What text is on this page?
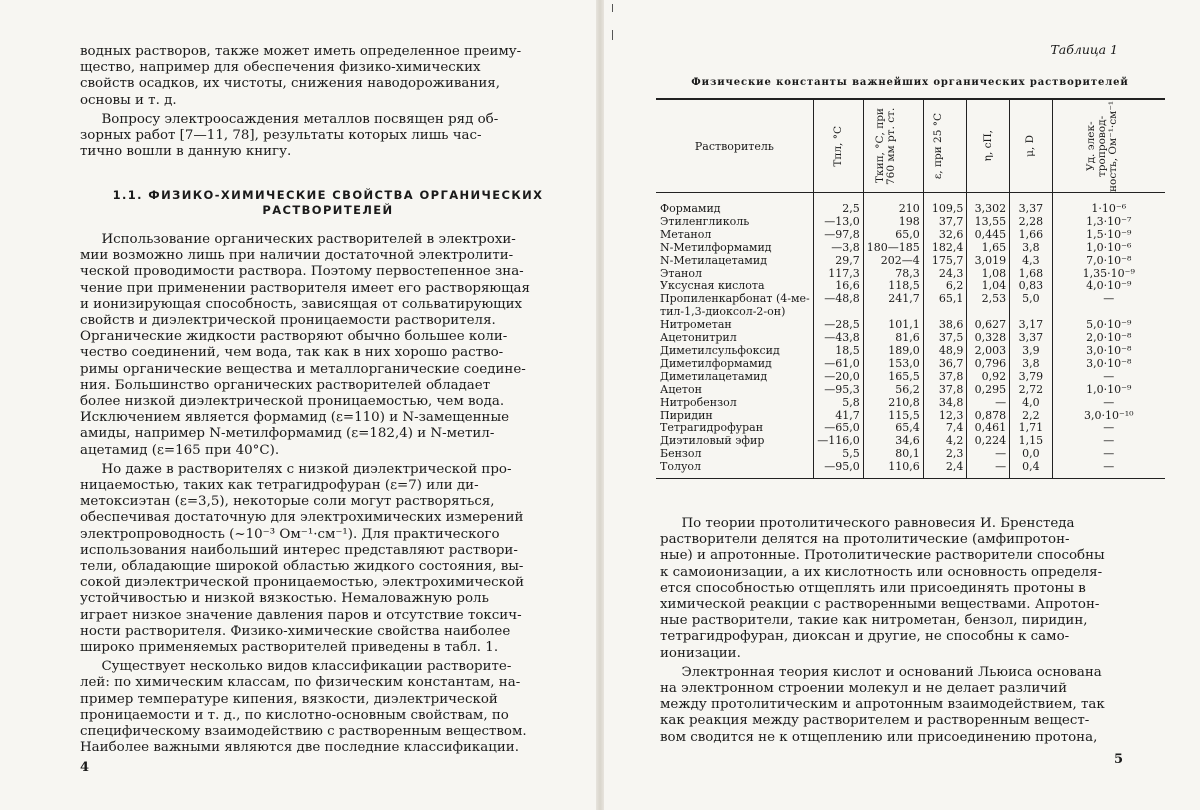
водных растворов, также может иметь определенное преиму-
щество, например для обеспечения физико-химических
свойств осадков, их чистоты, снижения наводороживания,
основы и т. д.

Вопросу электроосаждения металлов посвящен ряд об-
зорных работ [7—11, 78], результаты которых лишь час-
тично вошли в данную книгу.

1.1. ФИЗИКО-ХИМИЧЕСКИЕ СВОЙСТВА ОРГАНИЧЕСКИХ
РАСТВОРИТЕЛЕЙ

Использование органических растворителей в электрохи-
мии возможно лишь при наличии достаточной электролити-
ческой проводимости раствора. Поэтому первостепенное зна-
чение при применении растворителя имеет его растворяющая
и ионизирующая способность, зависящая от сольватирующих
свойств и диэлектрической проницаемости растворителя.
Органические жидкости растворяют обычно большее коли-
чество соединений, чем вода, так как в них хорошо раство-
римы органические вещества и металлорганические соедине-
ния. Большинство органических растворителей обладает
более низкой диэлектрической проницаемостью, чем вода.
Исключением является формамид (ε=110) и N-замещенные
амиды, например N-метилформамид (ε=182,4) и N-метил-
ацетамид (ε=165 при 40°С).

Но даже в растворителях с низкой диэлектрической про-
ницаемостью, таких как тетрагидрофуран (ε=7) или ди-
метоксиэтан (ε=3,5), некоторые соли могут растворяться,
обеспечивая достаточную для электрохимических измерений
электропроводность (~10⁻³ Ом⁻¹·см⁻¹). Для практического
использования наибольший интерес представляют раствори-
тели, обладающие широкой областью жидкого состояния, вы-
сокой диэлектрической проницаемостью, электрохимической
устойчивостью и низкой вязкостью. Немаловажную роль
играет низкое значение давления паров и отсутствие токсич-
ности растворителя. Физико-химические свойства наиболее
широко применяемых растворителей приведены в табл. 1.

Существует несколько видов классификации растворите-
лей: по химическим классам, по физическим константам, на-
пример температуре кипения, вязкости, диэлектрической
проницаемости и т. д., по кислотно-основным свойствам, по
специфическому взаимодействию с растворенным веществом.
Наиболее важными являются две последние классификации.

4
Таблица 1
Физические константы важнейших органических растворителей
Растворитель	Tпл, °С	Tкип, °С, при 760 мм рт. ст.	ε, при 25 °С	η, сП,	μ, D	Уд. элек- тропровод- ность, Ом⁻¹·см⁻¹

Формамид	2,5	210	109,5	3,302	3,37	1·10⁻⁶
Этиленгликоль	—13,0	198	37,7	13,55	2,28	1,3·10⁻⁷
Метанол	—97,8	65,0	32,6	0,445	1,66	1,5·10⁻⁹
N-Метилформамид	—3,8	180—185	182,4	1,65	3,8	1,0·10⁻⁶
N-Метилацетамид	29,7	202—4	175,7	3,019	4,3	7,0·10⁻⁸
Этанол	117,3	78,3	24,3	1,08	1,68	1,35·10⁻⁹
Уксусная кислота	16,6	118,5	6,2	1,04	0,83	4,0·10⁻⁹
Пропиленкарбонат (4-ме-	—48,8	241,7	65,1	2,53	5,0	—
тил-1,3-диоксол-2-он)						
Нитрометан	—28,5	101,1	38,6	0,627	3,17	5,0·10⁻⁹
Ацетонитрил	—43,8	81,6	37,5	0,328	3,37	2,0·10⁻⁸
Диметилсульфоксид	18,5	189,0	48,9	2,003	3,9	3,0·10⁻⁸
Диметилформамид	—61,0	153,0	36,7	0,796	3,8	3,0·10⁻⁸
Диметилацетамид	—20,0	165,5	37,8	0,92	3,79	—
Ацетон	—95,3	56,2	37,8	0,295	2,72	1,0·10⁻⁹
Нитробензол	5,8	210,8	34,8	—	4,0	—
Пиридин	41,7	115,5	12,3	0,878	2,2	3,0·10⁻¹⁰
Тетрагидрофуран	—65,0	65,4	7,4	0,461	1,71	—
Диэтиловый эфир	—116,0	34,6	4,2	0,224	1,15	—
Бензол	5,5	80,1	2,3	—	0,0	—
Толуол	—95,0	110,6	2,4	—	0,4	—

По теории протолитического равновесия И. Бренстеда
растворители делятся на протолитические (амфипротон-
ные) и апротонные. Протолитические растворители способны
к самоионизации, а их кислотность или основность определя-
ется способностью отщеплять или присоединять протоны в
химической реакции с растворенными веществами. Апротон-
ные растворители, такие как нитрометан, бензол, пиридин,
тетрагидрофуран, диоксан и другие, не способны к само-
ионизации.

Электронная теория кислот и оснований Льюиса основана
на электронном строении молекул и не делает различий
между протолитическим и апротонным взаимодействием, так
как реакция между растворителем и растворенным вещест-
вом сводится не к отщеплению или присоединению протона,

5
